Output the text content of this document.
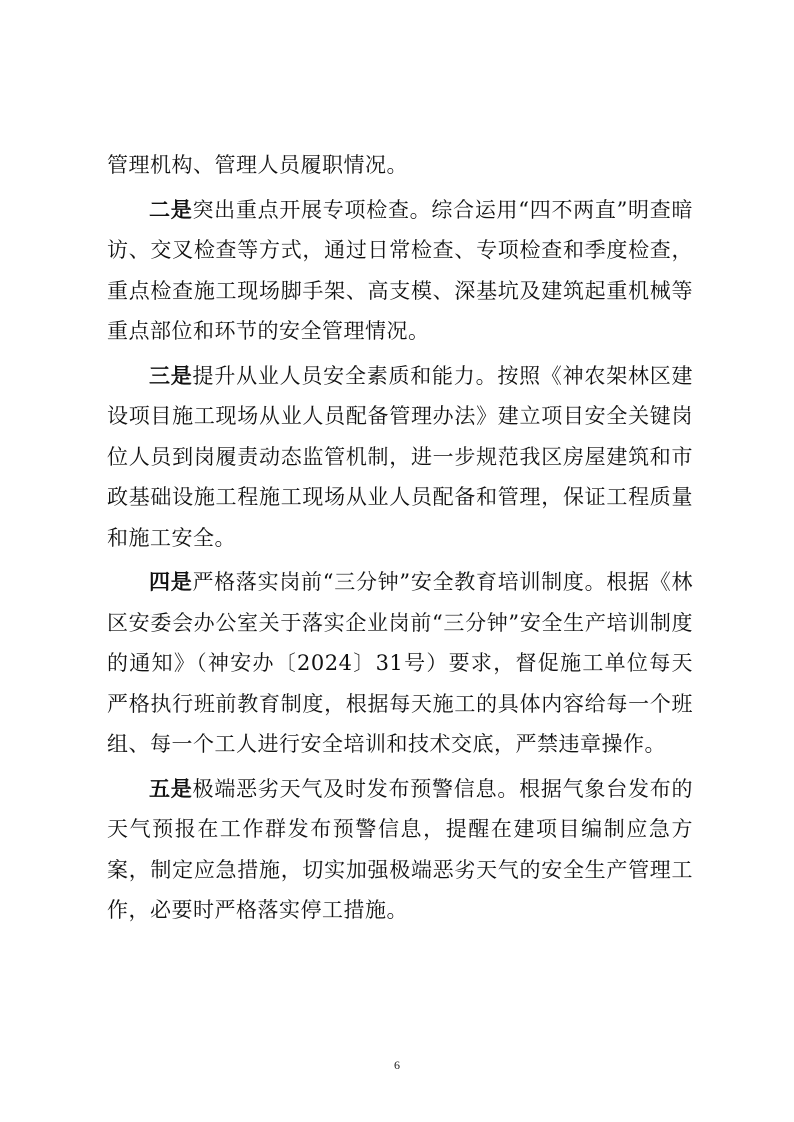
管理机构、管理人员履职情况。

二是突出重点开展专项检查。综合运用“四不两直”明查暗访、交叉检查等方式，通过日常检查、专项检查和季度检查，重点检查施工现场脚手架、高支模、深基坑及建筑起重机械等重点部位和环节的安全管理情况。

三是提升从业人员安全素质和能力。按照《神农架林区建设项目施工现场从业人员配备管理办法》建立项目安全关键岗位人员到岗履责动态监管机制，进一步规范我区房屋建筑和市政基础设施工程施工现场从业人员配备和管理，保证工程质量和施工安全。

四是严格落实岗前“三分钟”安全教育培训制度。根据《林区安委会办公室关于落实企业岗前“三分钟”安全生产培训制度的通知》（神安办〔2024〕31号）要求，督促施工单位每天严格执行班前教育制度，根据每天施工的具体内容给每一个班组、每一个工人进行安全培训和技术交底，严禁违章操作。

五是极端恶劣天气及时发布预警信息。根据气象台发布的天气预报在工作群发布预警信息，提醒在建项目编制应急方案，制定应急措施，切实加强极端恶劣天气的安全生产管理工作，必要时严格落实停工措施。

6
